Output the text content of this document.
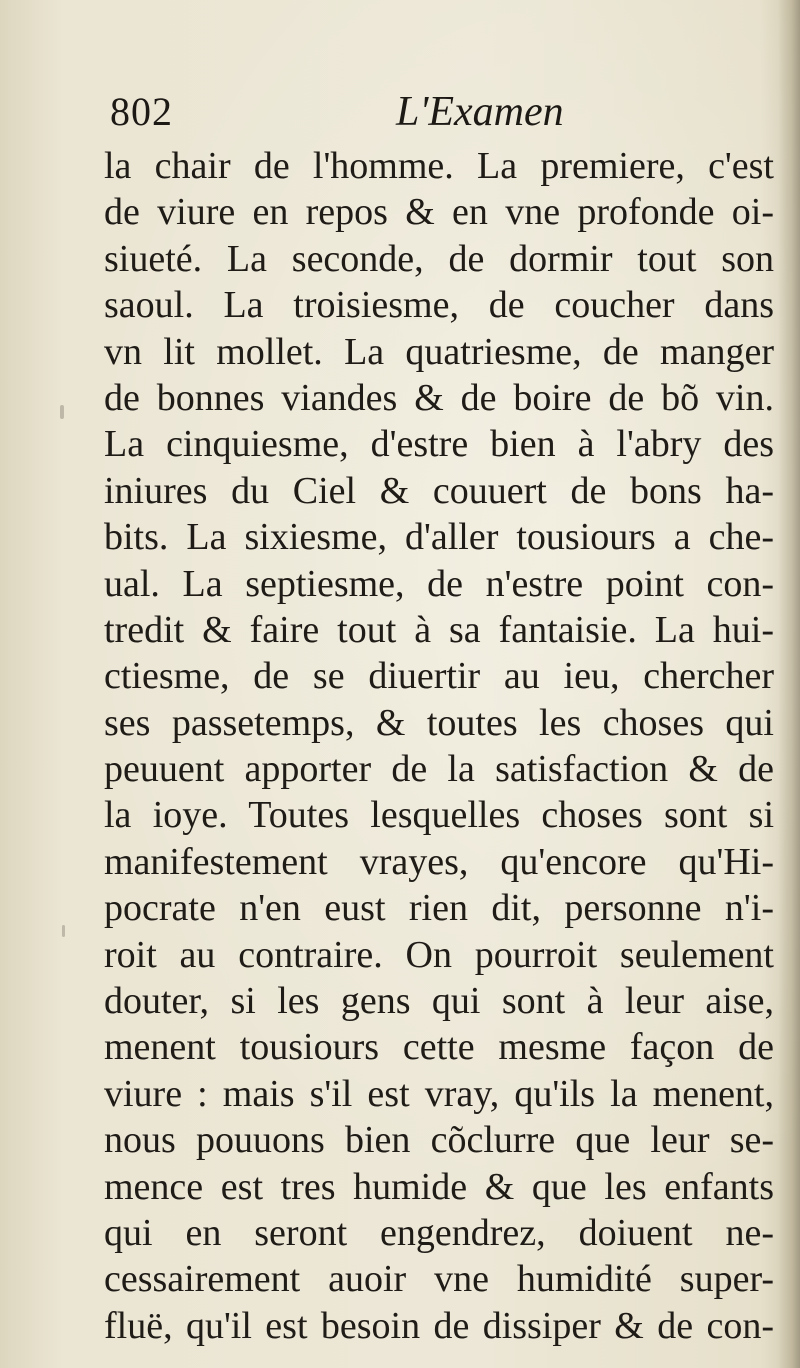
802	L'Examen
la chair de l'homme. La premiere, c'est
de viure en repos & en vne profonde oi-
siueté. La seconde, de dormir tout son
saoul. La troisiesme, de coucher dans
vn lit mollet. La quatriesme, de manger
de bonnes viandes & de boire de bõ vin.
La cinquiesme, d'estre bien à l'abry des
iniures du Ciel & couuert de bons ha-
bits. La sixiesme, d'aller tousiours a che-
ual. La septiesme, de n'estre point con-
tredit & faire tout à sa fantaisie. La hui-
ctiesme, de se diuertir au ieu, chercher
ses passetemps, & toutes les choses qui
peuuent apporter de la satisfaction & de
la ioye. Toutes lesquelles choses sont si
manifestement vrayes, qu'encore qu'Hi-
pocrate n'en eust rien dit, personne n'i-
roit au contraire. On pourroit seulement
douter, si les gens qui sont à leur aise,
menent tousiours cette mesme façon de
viure : mais s'il est vray, qu'ils la menent,
nous pouuons bien cõclurre que leur se-
mence est tres humide & que les enfants
qui en seront engendrez, doiuent ne-
cessairement auoir vne humidité super-
fluë, qu'il est besoin de dissiper & de con-
